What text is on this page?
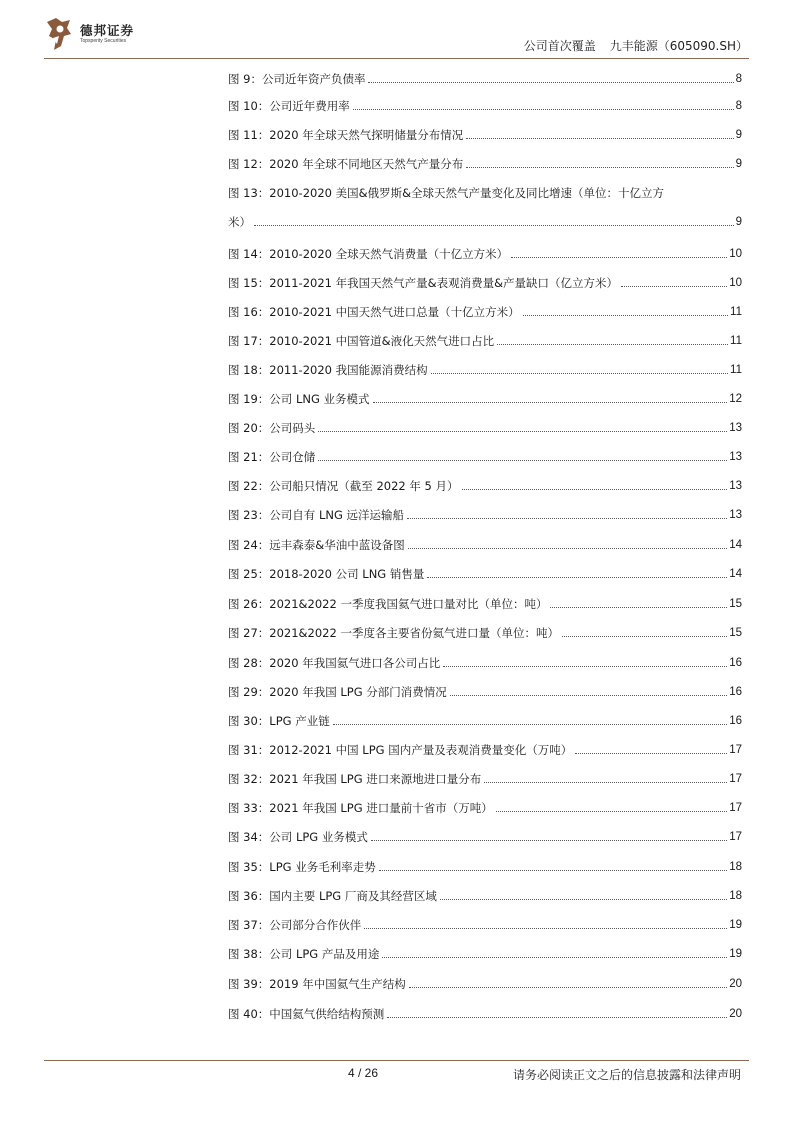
德邦证券
Topsperity Securities	公司首次覆盖 九丰能源（605090.SH）
图 9：公司近年资产负债率	8
图 10：公司近年费用率	8
图 11：2020 年全球天然气探明储量分布情况	9
图 12：2020 年全球不同地区天然气产量分布	9
图 13：2010-2020 美国&俄罗斯&全球天然气产量变化及同比增速（单位：十亿立方
米）	9
图 14：2010-2020 全球天然气消费量（十亿立方米）	10
图 15：2011-2021 年我国天然气产量&表观消费量&产量缺口（亿立方米）	10
图 16：2010-2021 中国天然气进口总量（十亿立方米）	11
图 17：2010-2021 中国管道&液化天然气进口占比	11
图 18：2011-2020 我国能源消费结构	11
图 19：公司 LNG 业务模式	12
图 20：公司码头	13
图 21：公司仓储	13
图 22：公司船只情况（截至 2022 年 5 月）	13
图 23：公司自有 LNG 远洋运输船	13
图 24：远丰森泰&华油中蓝设备图	14
图 25：2018-2020 公司 LNG 销售量	14
图 26：2021&2022 一季度我国氦气进口量对比（单位：吨）	15
图 27：2021&2022 一季度各主要省份氦气进口量（单位：吨）	15
图 28：2020 年我国氦气进口各公司占比	16
图 29：2020 年我国 LPG 分部门消费情况	16
图 30：LPG 产业链	16
图 31：2012-2021 中国 LPG 国内产量及表观消费量变化（万吨）	17
图 32：2021 年我国 LPG 进口来源地进口量分布	17
图 33：2021 年我国 LPG 进口量前十省市（万吨）	17
图 34：公司 LPG 业务模式	17
图 35：LPG 业务毛利率走势	18
图 36：国内主要 LPG 厂商及其经营区域	18
图 37：公司部分合作伙伴	19
图 38：公司 LPG 产品及用途	19
图 39：2019 年中国氦气生产结构	20
图 40：中国氦气供给结构预测	20
4 / 26	请务必阅读正文之后的信息披露和法律声明
